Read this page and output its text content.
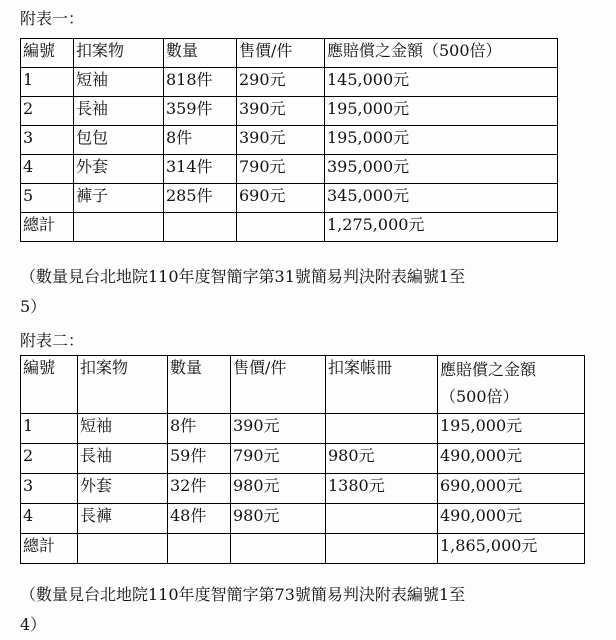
附表一：
編號	扣案物	數量	售價/件	應賠償之金額（500倍）
1	短袖	818件	290元	145,000元
2	長袖	359件	390元	195,000元
3	包包	8件	390元	195,000元
4	外套	314件	790元	395,000元
5	褲子	285件	690元	345,000元
總計				1,275,000元
（數量見台北地院110年度智簡字第31號簡易判決附表編號1至
5）
附表二：
編號	扣案物	數量	售價/件	扣案帳冊	應賠償之金額
（500倍）

1	短袖	8件	390元		195,000元
2	長袖	59件	790元	980元	490,000元
3	外套	32件	980元	1380元	690,000元
4	長褲	48件	980元		490,000元
總計					1,865,000元
（數量見台北地院110年度智簡字第73號簡易判決附表編號1至
4）
